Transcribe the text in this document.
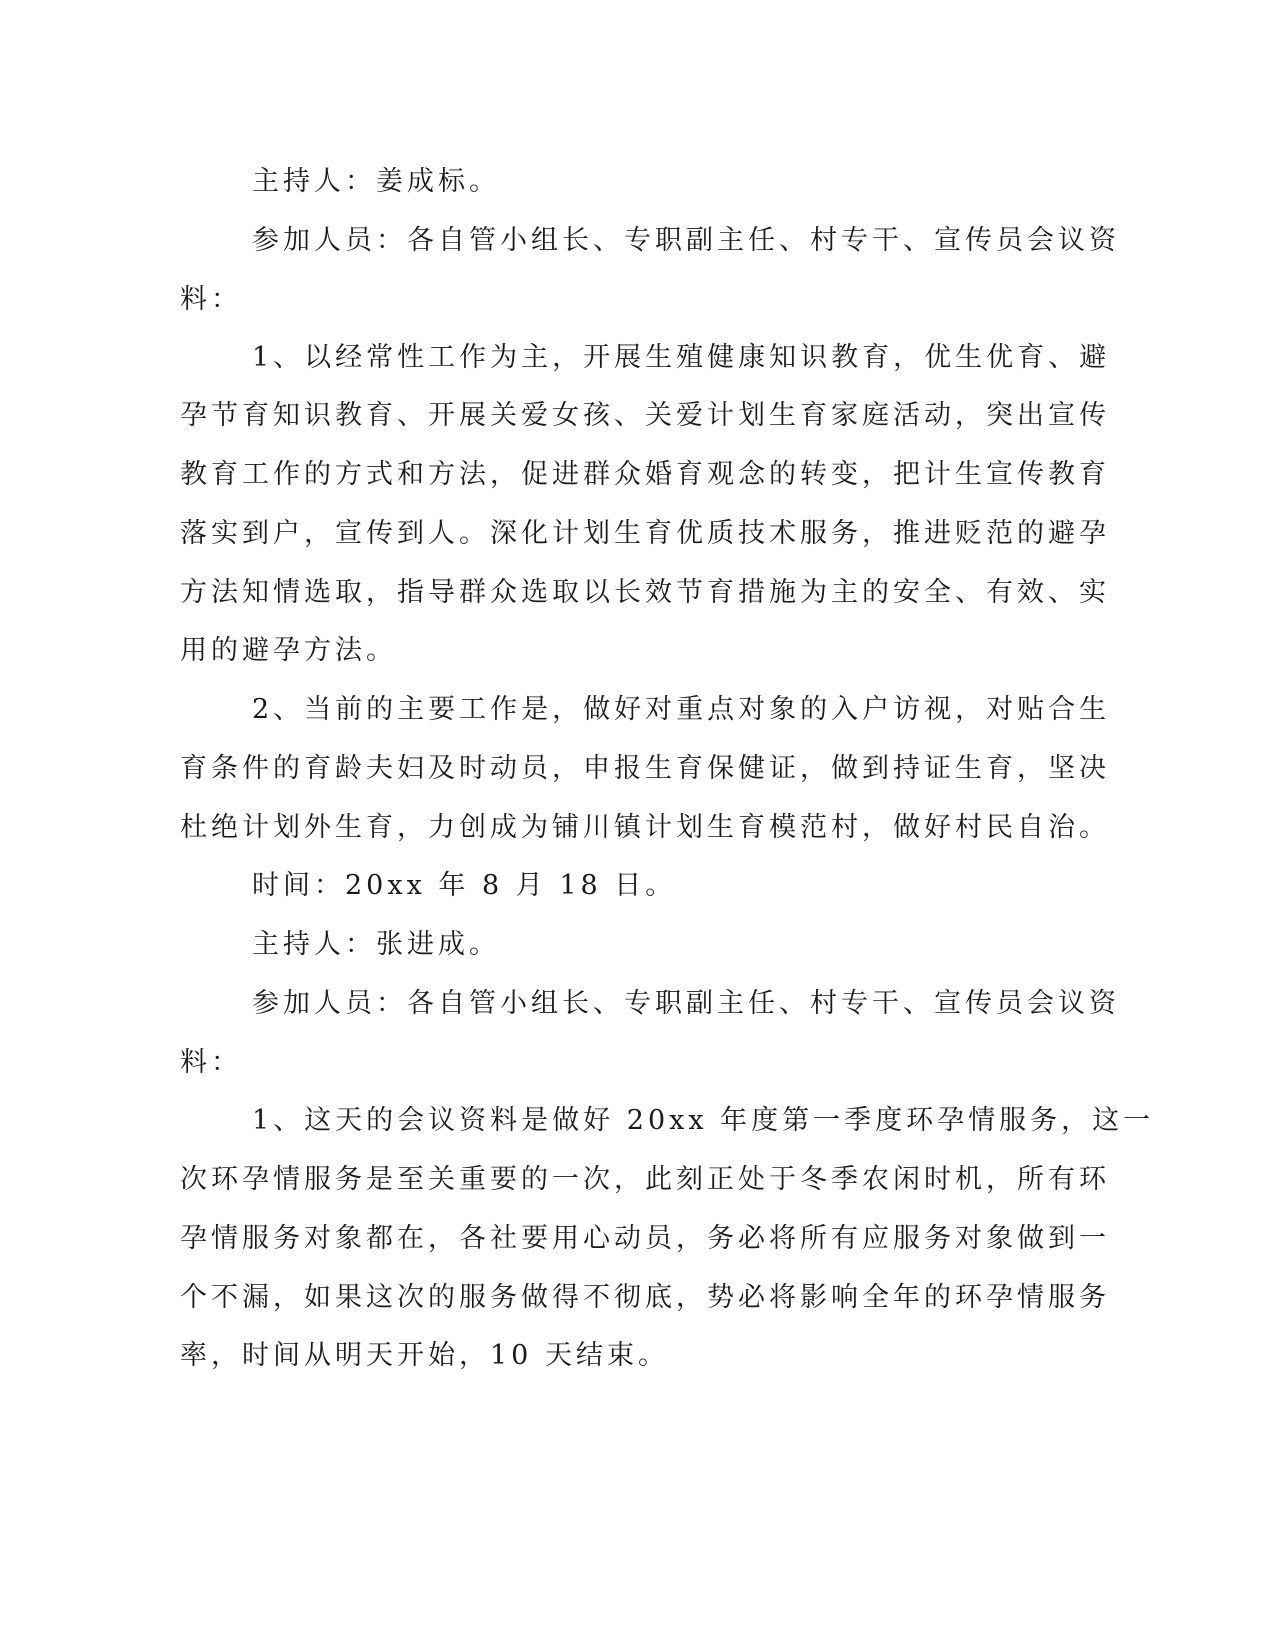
主持人：姜成标。
参加人员：各自管小组长、专职副主任、村专干、宣传员会议资
料：
1、以经常性工作为主，开展生殖健康知识教育，优生优育、避
孕节育知识教育、开展关爱女孩、关爱计划生育家庭活动，突出宣传
教育工作的方式和方法，促进群众婚育观念的转变，把计生宣传教育
落实到户，宣传到人。深化计划生育优质技术服务，推进贬范的避孕
方法知情选取，指导群众选取以长效节育措施为主的安全、有效、实
用的避孕方法。
2、当前的主要工作是，做好对重点对象的入户访视，对贴合生
育条件的育龄夫妇及时动员，申报生育保健证，做到持证生育，坚决
杜绝计划外生育，力创成为铺川镇计划生育模范村，做好村民自治。
时间：20xx 年 8 月 18 日。
主持人：张进成。
参加人员：各自管小组长、专职副主任、村专干、宣传员会议资
料：
1、这天的会议资料是做好 20xx 年度第一季度环孕情服务，这一
次环孕情服务是至关重要的一次，此刻正处于冬季农闲时机，所有环
孕情服务对象都在，各社要用心动员，务必将所有应服务对象做到一
个不漏，如果这次的服务做得不彻底，势必将影响全年的环孕情服务
率，时间从明天开始，10 天结束。
